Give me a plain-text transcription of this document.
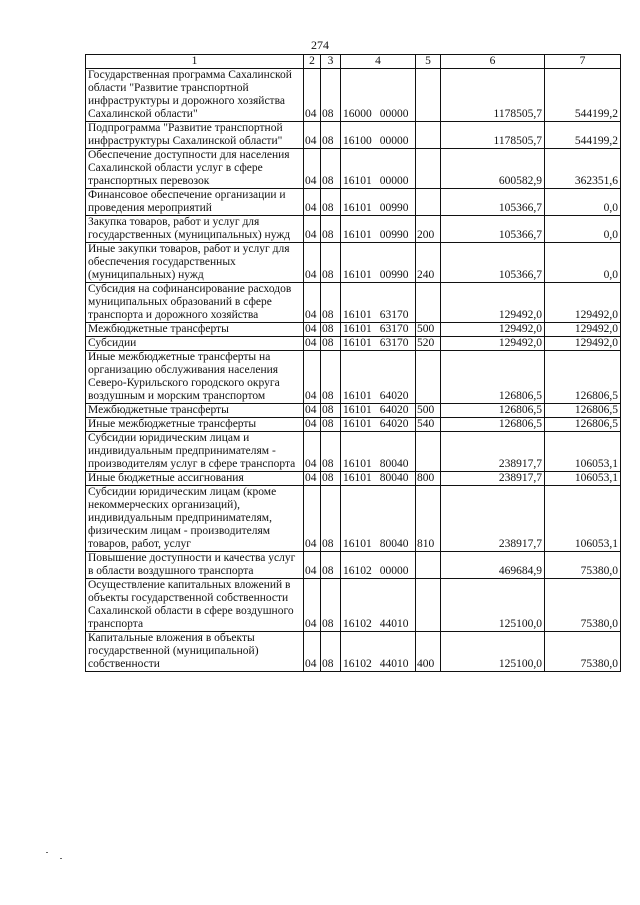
274
1	2	3	4	5	6	7
Государственная программа Сахалинской области "Развитие транспортной инфраструктуры и дорожного хозяйства Сахалинской области"	04	08	16000 00000		1178505,7	544199,2
Подпрограмма "Развитие транспортной инфраструктуры Сахалинской области"	04	08	16100 00000		1178505,7	544199,2
Обеспечение доступности для населения Сахалинской области услуг в сфере транспортных перевозок	04	08	16101 00000		600582,9	362351,6
Финансовое обеспечение организации и проведения мероприятий	04	08	16101 00990		105366,7	0,0
Закупка товаров, работ и услуг для государственных (муниципальных) нужд	04	08	16101 00990	200	105366,7	0,0
Иные закупки товаров, работ и услуг для обеспечения государственных (муниципальных) нужд	04	08	16101 00990	240	105366,7	0,0
Субсидия на софинансирование расходов муниципальных образований в сфере транспорта и дорожного хозяйства	04	08	16101 63170		129492,0	129492,0
Межбюджетные трансферты	04	08	16101 63170	500	129492,0	129492,0
Субсидии	04	08	16101 63170	520	129492,0	129492,0
Иные межбюджетные трансферты на организацию обслуживания населения Северо-Курильского городского округа воздушным и морским транспортом	04	08	16101 64020		126806,5	126806,5
Межбюджетные трансферты	04	08	16101 64020	500	126806,5	126806,5
Иные межбюджетные трансферты	04	08	16101 64020	540	126806,5	126806,5
Субсидии юридическим лицам и индивидуальным предпринимателям - производителям услуг в сфере транспорта	04	08	16101 80040		238917,7	106053,1
Иные бюджетные ассигнования	04	08	16101 80040	800	238917,7	106053,1
Субсидии юридическим лицам (кроме некоммерческих организаций), индивидуальным предпринимателям, физическим лицам - производителям товаров, работ, услуг	04	08	16101 80040	810	238917,7	106053,1
Повышение доступности и качества услуг в области воздушного транспорта	04	08	16102 00000		469684,9	75380,0
Осуществление капитальных вложений в объекты государственной собственности Сахалинской области в сфере воздушного транспорта	04	08	16102 44010		125100,0	75380,0
Капитальные вложения в объекты государственной (муниципальной) собственности	04	08	16102 44010	400	125100,0	75380,0
